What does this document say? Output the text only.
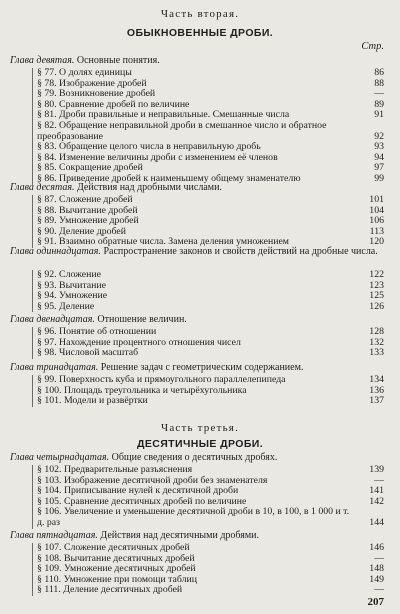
Часть вторая.
ОБЫКНОВЕННЫЕ ДРОБИ.
Стр.
Глава девятая. Основные понятия.
§ 77. О долях единицы	86
§ 78. Изображение дробей	88
§ 79. Возникновение дробей	—
§ 80. Сравнение дробей по величине	89
§ 81. Дроби правильные и неправильные. Смешанные числа	91
§ 82. Обращение неправильной дроби в смешанное число и обратное преобразование	92
§ 83. Обращение целого числа в неправильную дробь	93
§ 84. Изменение величины дроби с изменением её членов	94
§ 85. Сокращение дробей	97
§ 86. Приведение дробей к наименьшему общему знаменателю	99
Глава десятая. Действия над дробными числами.
§ 87. Сложение дробей	101
§ 88. Вычитание дробей	104
§ 89. Умножение дробей	106
§ 90. Деление дробей	113
§ 91. Взаимно обратные числа. Замена деления умножением	120
Глава одиннадцатая. Распространение законов и свойств действий на дробные числа.
§ 92. Сложение	122
§ 93. Вычитание	123
§ 94. Умножение	125
§ 95. Деление	126
Глава двенадцатая. Отношение величин.
§ 96. Понятие об отношении	128
§ 97. Нахождение процентного отношения чисел	132
§ 98. Числовой масштаб	133
Глава тринадцатая. Решение задач с геометрическим содержанием.
§ 99. Поверхность куба и прямоугольного параллелепипеда	134
§ 100. Площадь треугольника и четырёхугольника	136
§ 101. Модели и развёртки	137
Часть третья.
ДЕСЯТИЧНЫЕ ДРОБИ.
Глава четырнадцатая. Общие сведения о десятичных дробях.
§ 102. Предварительные разъяснения	139
§ 103. Изображение десятичной дроби без знаменателя	—
§ 104. Приписывание нулей к десятичной дроби	141
§ 105. Сравнение десятичных дробей по величине	142
§ 106. Увеличение и уменьшение десятичной дроби в 10, в 100, в 1 000 и т. д. раз	144
Глава пятнадцатая. Действия над десятичными дробями.
§ 107. Сложение десятичных дробей	146
§ 108. Вычитание десятичных дробей	—
§ 109. Умножение десятичных дробей	148
§ 110. Умножение при помощи таблиц	149
§ 111. Деление десятичных дробей	—
207
